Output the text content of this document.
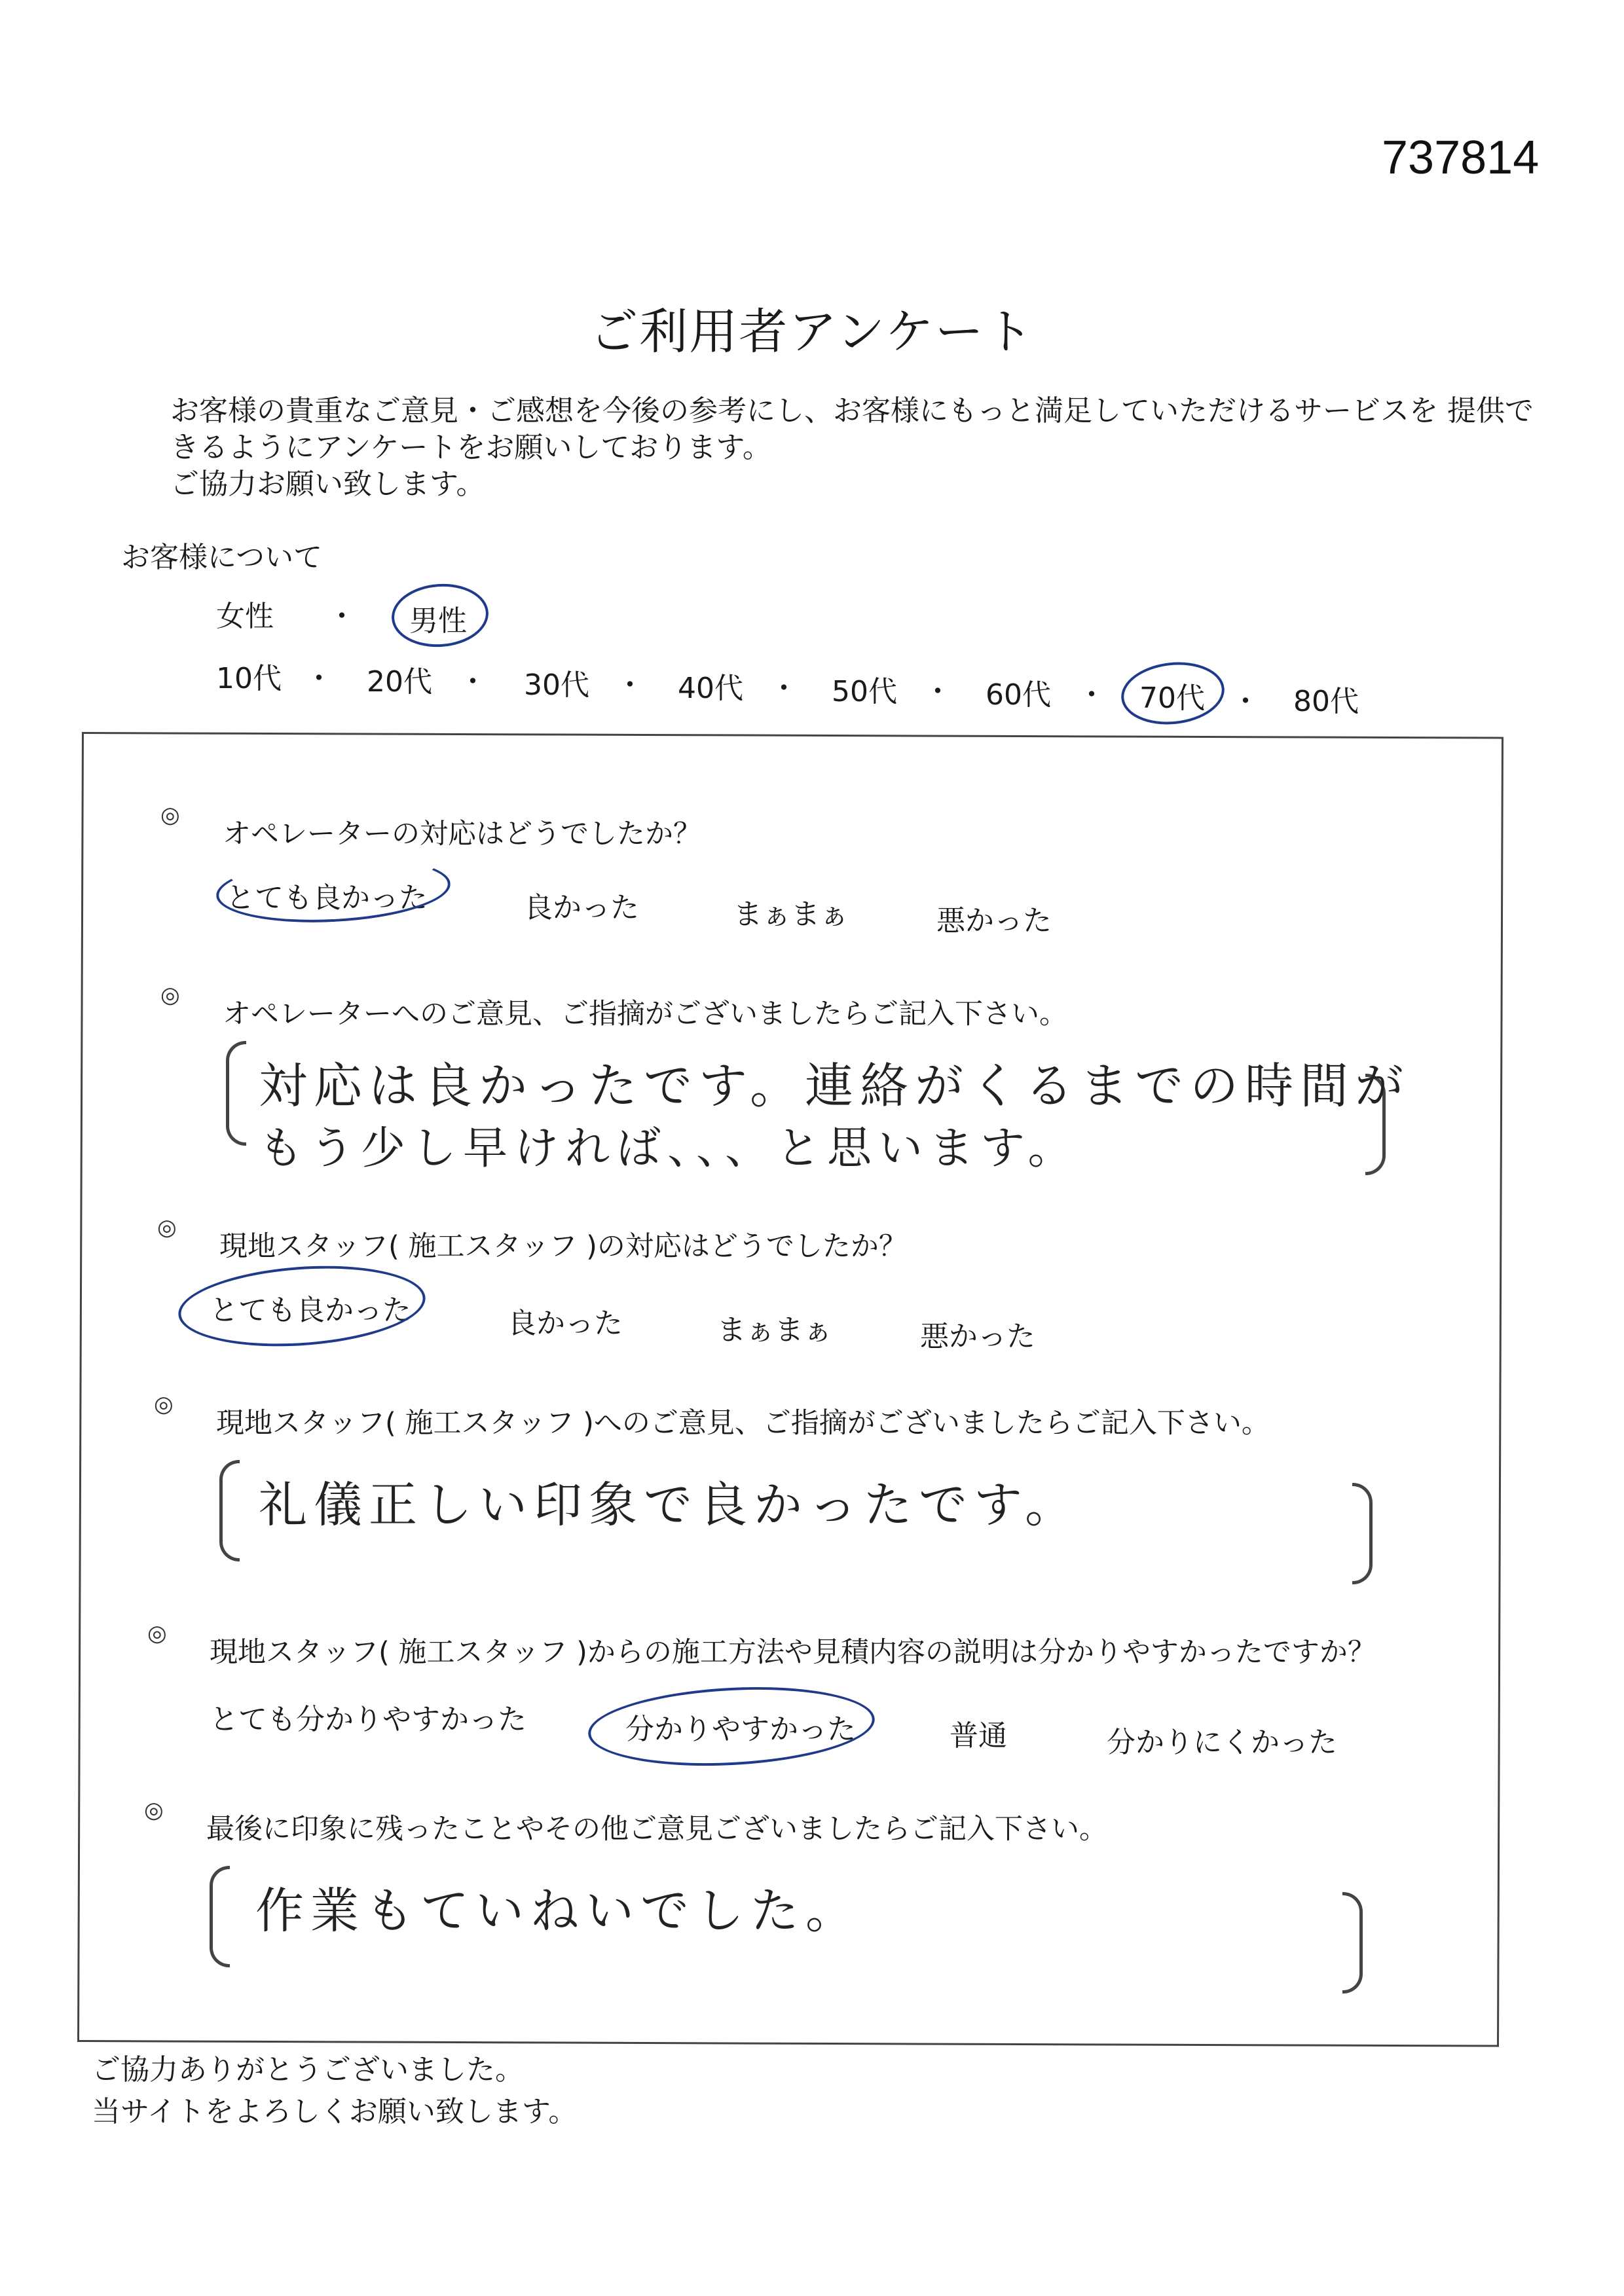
737814
ご利用者アンケート

お客様の貴重なご意見・ご感想を今後の参考にし、お客様にもっと満足していただけるサービスを 提供で

きるようにアンケートをお願いしております。

ご協力お願い致します。

お客様について
女性 ・ 男性
10代 ・ 20代 ・ 30代 ・ 40代 ・ 50代 ・ 60代 ・ 70代 ・ 80代
◎
オペレーターの対応はどうでしたか？
とても良かった	良かった	まぁまぁ	悪かった
◎
オペレーターへのご意見、ご指摘がございましたらご記入下さい。
対応は良かったです。連絡がくるまでの時間が
もう少し早ければ、、、と思います。
◎
現地スタッフ( 施工スタッフ )の対応はどうでしたか？
とても良かった	良かった	まぁまぁ	悪かった
◎
現地スタッフ( 施工スタッフ )へのご意見、ご指摘がございましたらご記入下さい。
礼儀正しい印象で良かったです。
◎
現地スタッフ( 施工スタッフ )からの施工方法や見積内容の説明は分かりやすかったですか？
とても分かりやすかった	分かりやすかった	普通	分かりにくかった
◎
最後に印象に残ったことやその他ご意見ございましたらご記入下さい。
作業もていねいでした。

ご協力ありがとうございました。

当サイトをよろしくお願い致します。
